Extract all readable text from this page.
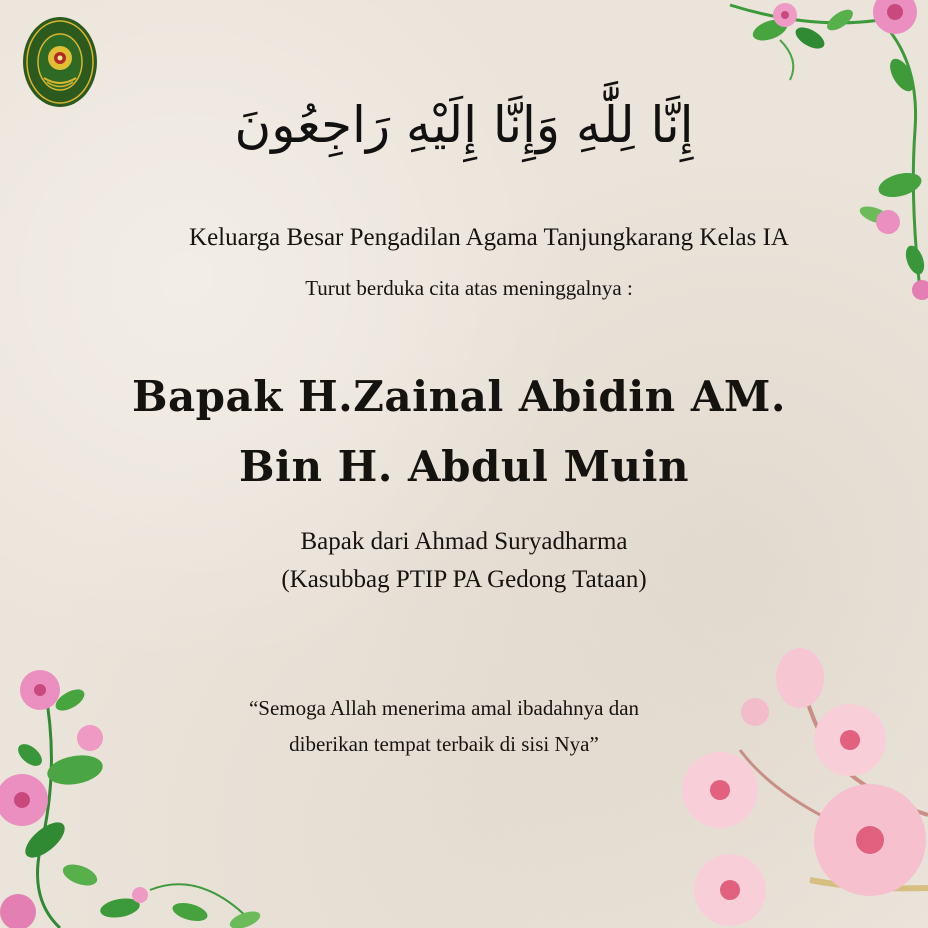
إِنَّا لِلَّٰهِ وَإِنَّا إِلَيْهِ رَاجِعُونَ
Keluarga Besar Pengadilan Agama Tanjungkarang Kelas IA
Turut berduka cita atas meninggalnya :
Bapak H.Zainal Abidin AM.
Bin H. Abdul Muin
Bapak dari Ahmad Suryadharma
(Kasubbag PTIP PA Gedong Tataan)
“Semoga Allah menerima amal ibadahnya dan
diberikan tempat terbaik di sisi Nya”
